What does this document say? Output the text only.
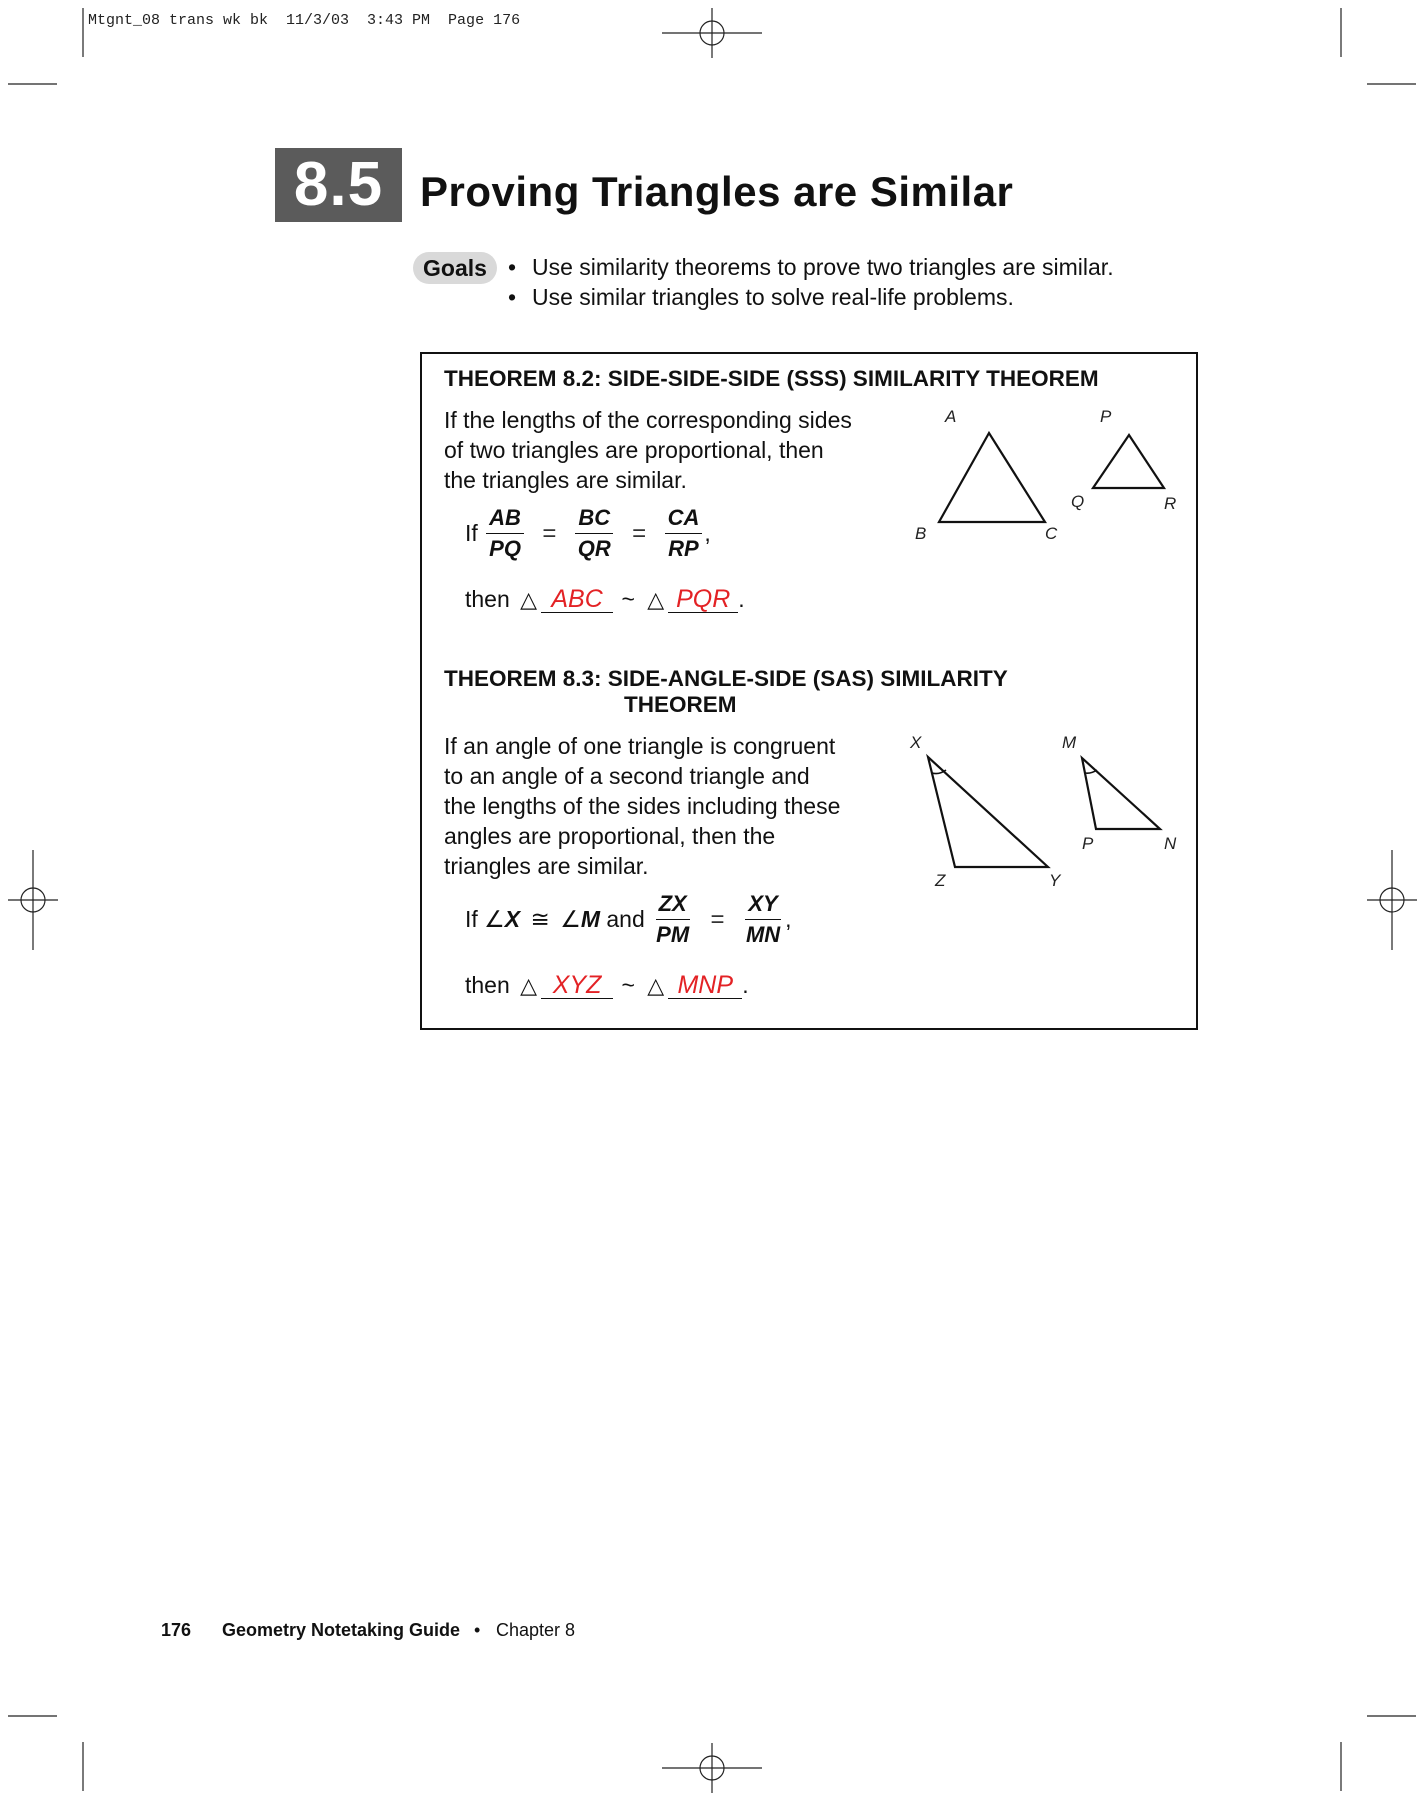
Mtgnt_08 trans wk bk  11/3/03  3:43 PM  Page 176
8.5 Proving Triangles are Similar
Goals • Use similarity theorems to prove two triangles are similar.
• Use similar triangles to solve real-life problems.
THEOREM 8.2: SIDE-SIDE-SIDE (SSS) SIMILARITY THEOREM
If the lengths of the corresponding sides
of two triangles are proportional, then
the triangles are similar.
If $\frac{AB}{PQ} = \frac{BC}{QR} = \frac{CA}{RP}$ ,
then △ ABC ~ △ PQR .
A
B	C
P
Q	R
THEOREM 8.3: SIDE-ANGLE-SIDE (SAS) SIMILARITY
THEOREM
If an angle of one triangle is congruent
to an angle of a second triangle and
the lengths of the sides including these
angles are proportional, then the
triangles are similar.
If ∠X ≅ ∠M and $\frac{ZX}{PM} = \frac{XY}{MN}$ ,
then △ XYZ ~ △ MNP .
X	M
P	N
Z	Y
176 Geometry Notetaking Guide • Chapter 8
